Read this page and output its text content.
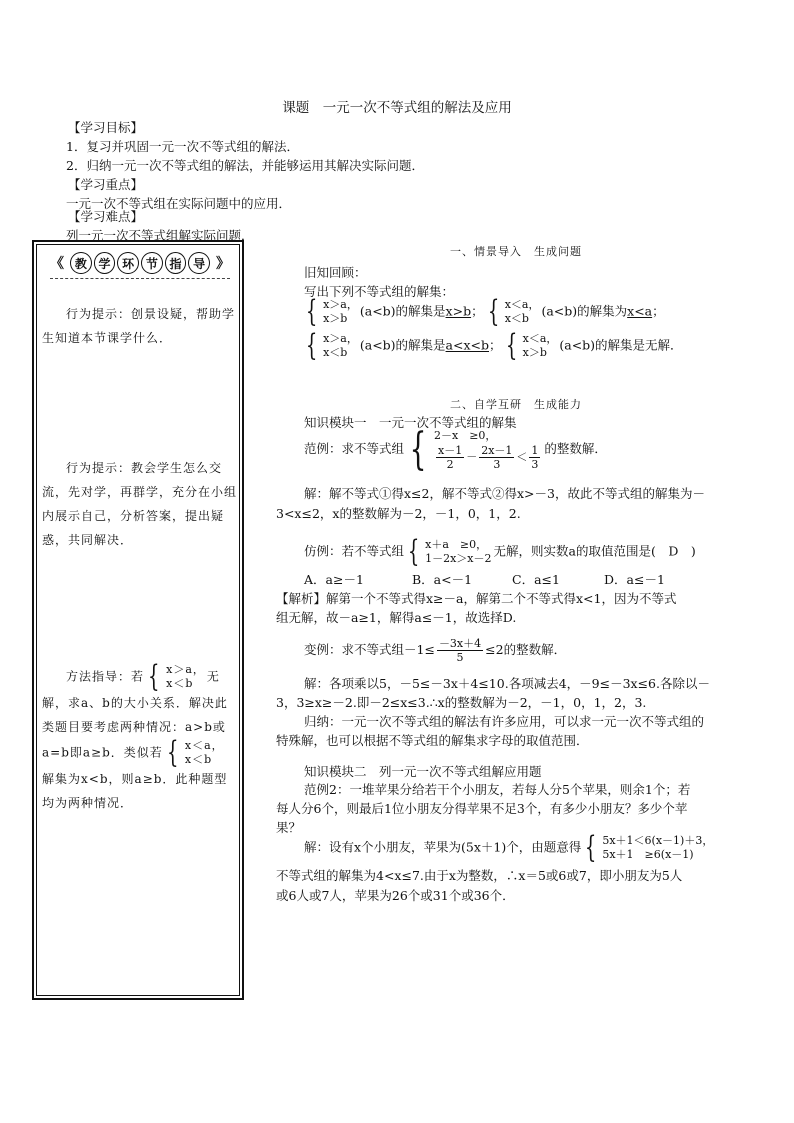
课题　一元一次不等式组的解法及应用
【学习目标】
1．复习并巩固一元一次不等式组的解法．
2．归纳一元一次不等式组的解法，并能够运用其解决实际问题．
【学习重点】
一元一次不等式组在实际问题中的应用．
【学习难点】
列一元一次不等式组解实际问题．
《 教 学 环 节 指 导 》
行为提示：创景设疑，帮助学生知道本节课学什么．
行为提示：教会学生怎么交流，先对学，再群学，充分在小组内展示自己，分析答案，提出疑惑，共同解决．
方法指导：若 { x＞a，
x＜b	无解，求a、b的大小关系．解决此类题目要考虑两种情况：a>b或a=b即a≥b．类似若 { x＜a，
x＜b
解集为x<b，则a≥b．此种题型均为两种情况．
一、情景导入　生成问题
旧知回顾：
写出下列不等式组的解集：
{ x＞a，
x＞b	(a<b)的解集是x>b； { x＜a，
x＜b	(a<b)的解集为x<a；
{ x＞a，
x＜b	(a<b)的解集是a<x<b； { x＜a，
x＞b	(a<b)的解集是无解．
二、自学互研　生成能力
知识模块一　一元一次不等式组的解集
范例：求不等式组 { 2－x　≥0，
$\frac{x-1}{2} - \frac{2x-1}{3} < \frac{1}{3}$ 的整数解．
解：解不等式①得x≤2，解不等式②得x>－3，故此不等式组的解集为－
3<x≤2，x的整数解为－2，－1，0，1，2.
仿例：若不等式组 { x＋a　≥0，
1－2x＞x－2 无解，则实数a的取值范围是(　D　)
A．a≥－1	B．a<－1	C．a≤1	D．a≤－1
【解析】解第一个不等式得x≥－a，解第二个不等式得x<1，因为不等式
组无解，故－a≥1，解得a≤－1，故选择D.
变例：求不等式组$-1\le \frac{-3x+4}{5} \le 2$的整数解．
解：各项乘以5，－5≤－3x＋4≤10.各项减去4，－9≤－3x≤6.各除以－
3，3≥x≥－2.即－2≤x≤3.∴x的整数解为－2，－1，0，1，2，3.
归纳：一元一次不等式组的解法有许多应用，可以求一元一次不等式组的
特殊解，也可以根据不等式组的解集求字母的取值范围．
知识模块二　列一元一次不等式组解应用题
范例2：一堆苹果分给若干个小朋友，若每人分5个苹果，则余1个；若
每人分6个，则最后1位小朋友分得苹果不足3个，有多少小朋友？多少个苹
果？
解：设有x个小朋友，苹果为(5x＋1)个，由题意得 { 5x＋1＜6(x－1)＋3，
5x＋1　≥6(x－1)
不等式组的解集为4<x≤7.由于x为整数，∴x＝5或6或7，即小朋友为5人
或6人或7人，苹果为26个或31个或36个．
